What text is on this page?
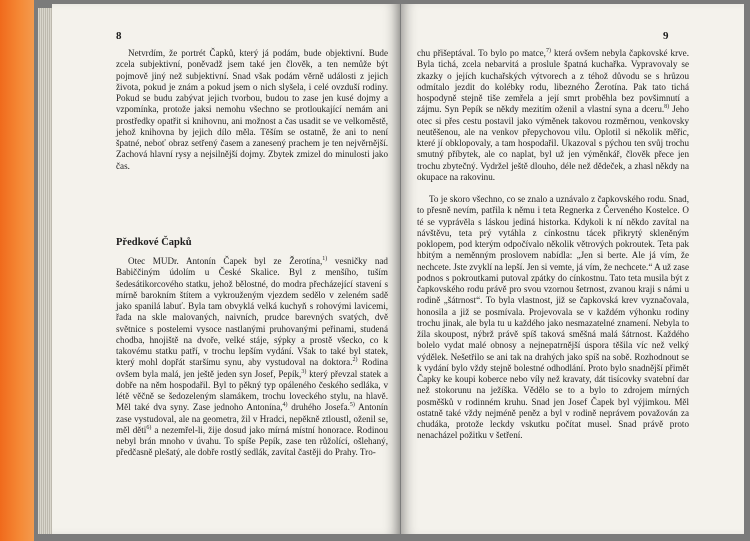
8

Netvrdím, že portrét Čapků, který já podám, bude objektivní. Bude zcela subjektivní, poněvadž jsem také jen člověk, a ten nemůže být pojmově jiný než subjektivní. Snad však podám věrně události z jejich života, pokud je znám a pokud jsem o nich slyšela, i celé ovzduší rodiny. Pokud se budu zabývat jejich tvorbou, budou to zase jen kusé dojmy a vzpomínka, protože jaksi nemohu všechno se protloukající nemám ani prostředky opatřit si knihovnu, ani možnost a čas usadit se ve velkoměstě, jehož knihovna by jejich dílo měla. Těším se ostatně, že ani to není špatné, neboť obraz setřený časem a zanesený prachem je ten nejvěrnější. Zachová hlavní rysy a nejsilnější dojmy. Zbytek zmizel do minulosti jako čas.

Předkové Čapků

Otec MUDr. Antonín Čapek byl ze Žerotína,$^{1)}$ vesničky nad Babiččiným údolím u České Skalice. Byl z menšího, tuším šedesátikorcového statku, jehož bělostné, do modra přecházející stavení s mírně barokním štítem a vykrouženým vjezdem sedělo v zeleném sadě jako spanilá labuť. Byla tam obvyklá velká kuchyň s rohovými lavicemi, řada na skle malovaných, naivních, prudce barevných svatých, dvě světnice s postelemi vysoce nastlanými pruhovanými peřinami, studená chodba, hnojiště na dvoře, velké stáje, sýpky a prostě všecko, co k takovému statku patří, v trochu lepším vydání. Však to také byl statek, který mohl dopřát staršímu synu, aby vystudoval na doktora.$^{2)}$ Rodina ovšem byla malá, jen ještě jeden syn Josef, Pepík,$^{3)}$ který převzal statek a dobře na něm hospodařil. Byl to pěkný typ opáleného českého sedláka, v létě věčně se šedozeleným slamákem, trochu loveckého stylu, na hlavě. Měl také dva syny. Zase jednoho Antonína,$^{4)}$ druhého Josefa.$^{5)}$ Antonín zase vystudoval, ale na geometra, žil v Hradci, nepěkně ztloustl, oženil se, měl děti$^{6)}$ a nezemřel-li, žije dosud jako mírná místní honorace. Rodinou nebyl brán mnoho v úvahu. To spíše Pepík, zase ten růžolící, ošlehaný, předčasně plešatý, ale dobře rostlý sedlák, zavítal častěji do Prahy. Tro-

9

chu přišeptával. To bylo po matce,$^{7)}$ která ovšem nebyla čapkovské krve. Byla tichá, zcela nebarvitá a proslule špatná kuchařka. Vypravovaly se zkazky o jejích kuchařských výtvorech a z téhož důvodu se s hrůzou odmítalo jezdit do kolébky rodu, libezného Žerotína. Pak tato tichá hospodyně stejně tiše zemřela a její smrt proběhla bez povšimnutí a zájmu. Syn Pepík se někdy mezitím oženil a vlastní syna a dceru.$^{8)}$ Jeho otec si přes cestu postavil jako výměnek takovou rozměrnou, venkovsky neutěšenou, ale na venkov přepychovou vilu. Oplotil si několik měřic, které jí obklopovaly, a tam hospodařil. Ukazoval s pýchou ten svůj trochu smutný příbytek, ale co naplat, byl už jen výměnkář, člověk přece jen trochu zbytečný. Vydržel ještě dlouho, déle než dědeček, a zhasl někdy na okupace na rakovinu.

To je skoro všechno, co se znalo a uznávalo z čapkovského rodu. Snad, to přesně nevím, patřila k němu i teta Regnerka z Červeného Kostelce. O té se vyprávěla s láskou jediná historka. Kdykoli k ní někdo zavítal na návštěvu, teta prý vytáhla z cínkostnu tácek přikrytý skleněným poklopem, pod kterým odpočívalo několik větrových pokroutek. Teta pak hbitým a neměnným proslovem nabídla: „Jen si berte. Ale já vím, že nechcete. Jste zvyklí na lepší. Jen si vemte, já vím, že nechcete.“ A už zase podnos s pokroutkami putoval zpátky do cínkostnu. Tato teta musila být z čapkovského rodu právě pro svou vzornou šetrnost, zvanou kraji s námi u rodině „šátrnost“. To byla vlastnost, již se čapkovská krev vyznačovala, honosila a již se posmívala. Projevovala se v každém výhonku rodiny trochu jinak, ale byla tu u každého jako nesmazatelné znamení. Nebyla to žíla skoupost, nýbrž právě spíš taková směšná malá šátrnost. Každého bolelo vydat malé obnosy a nejnepatrnější úspora těšila víc než velký výdělek. Nešetřilo se ani tak na drahých jako spíš na sobě. Rozhodnout se k vydání bylo vždy stejně bolestné odhodlání. Proto bylo snadnější přimět Čapky ke koupi koberce nebo víly než kravaty, dát tisícovky svatební dar než stokorunu na ježíška. Vědělo se to a bylo to zdrojem mírných posměšků v rodinném kruhu. Snad jen Josef Čapek byl výjimkou. Měl ostatně také vždy nejméně peněz a byl v rodině neprávem považován za chudáka, protože leckdy vskutku počítat musel. Snad právě proto nenacházel požitku v šetření.
